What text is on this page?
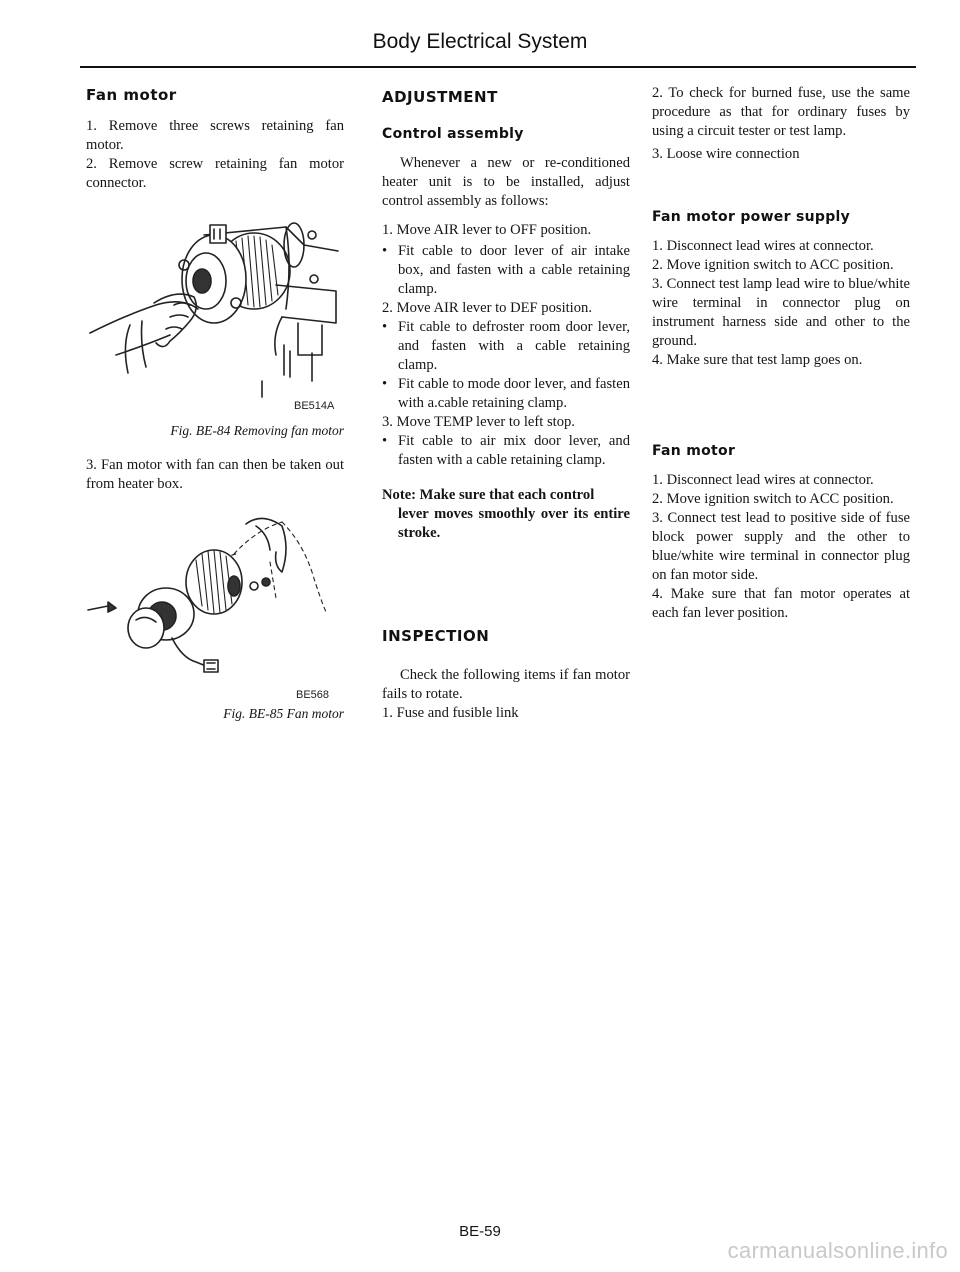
Body Electrical System
Fan motor

1. Remove three screws retaining fan motor.

2. Remove screw retaining fan motor connector.

BE514A

Fig. BE-84 Removing fan motor

3. Fan motor with fan can then be taken out from heater box.

BE568

Fig. BE-85 Fan motor

ADJUSTMENT
Control assembly

Whenever a new or re-conditioned heater unit is to be installed, adjust control assembly as follows:

1. Move AIR lever to OFF position.

• Fit cable to door lever of air intake box, and fasten with a cable retaining clamp.

2. Move AIR lever to DEF position.

• Fit cable to defroster room door lever, and fasten with a cable retaining clamp.

• Fit cable to mode door lever, and fasten with a.cable retaining clamp.

3. Move TEMP lever to left stop.

• Fit cable to air mix door lever, and fasten with a cable retaining clamp.

Note: Make sure that each control

lever moves smoothly over its entire stroke.

INSPECTION

Check the following items if fan motor fails to rotate.

1. Fuse and fusible link

2. To check for burned fuse, use the same procedure as that for ordinary fuses by using a circuit tester or test lamp.

3. Loose wire connection

Fan motor power supply

1. Disconnect lead wires at connector.

2. Move ignition switch to ACC position.

3. Connect test lamp lead wire to blue/white wire terminal in connector plug on instrument harness side and other to the ground.

4. Make sure that test lamp goes on.

Fan motor

1. Disconnect lead wires at connector.

2. Move ignition switch to ACC position.

3. Connect test lead to positive side of fuse block power supply and the other to blue/white wire terminal in connector plug on fan motor side.

4. Make sure that fan motor operates at each fan lever position.

BE-59
carmanualsonline.info
